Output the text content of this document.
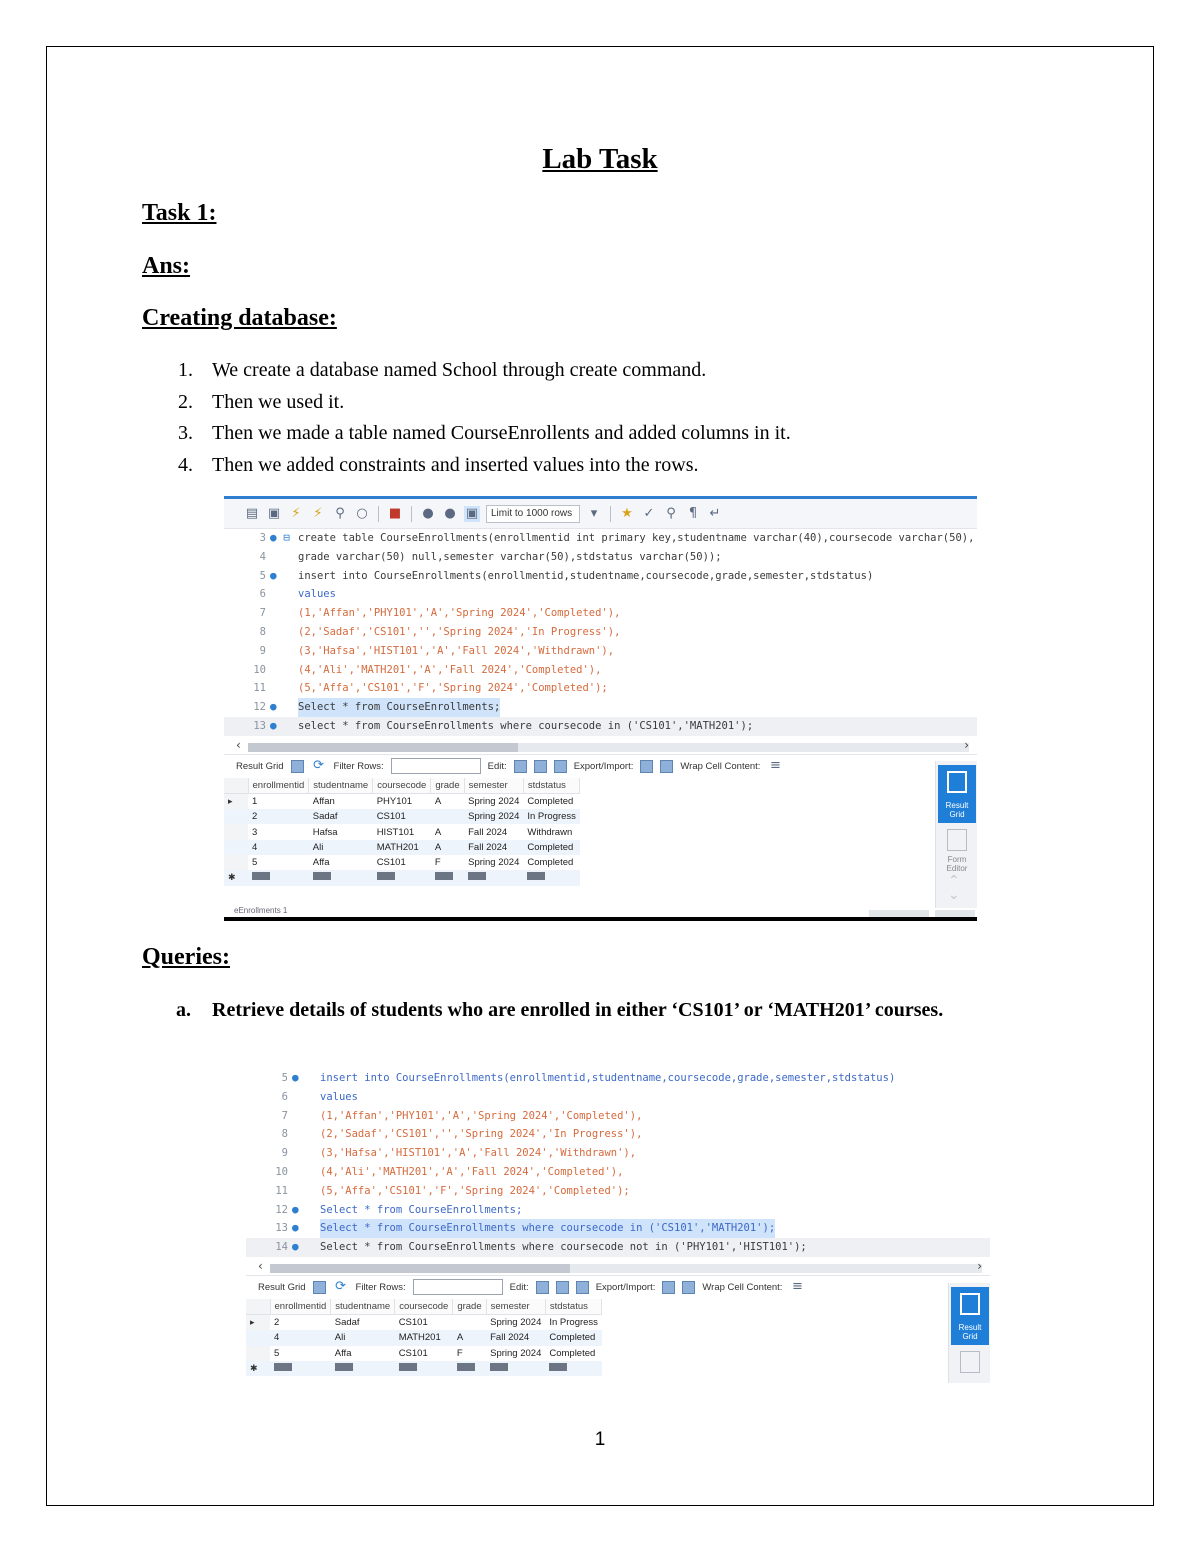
Lab Task
Task 1:
Ans:
Creating database:
1. We create a database named School through create command.
2. Then we used it.
3. Then we made a table named CourseEnrollents and added columns in it.
4. Then we added constraints and inserted values into the rows.
▤ ▣ ⚡ ⚡ ⚲ ○ ■ ● ● ▣	Limit to 1000 rows	▾	★ ✓ ⚲ ¶ ↵
3 ● ⊟ create table CourseEnrollments(enrollmentid int primary key,studentname varchar(40),coursecode varchar(50),
4	grade varchar(50) null,semester varchar(50),stdstatus varchar(50));
5 ● insert into CourseEnrollments(enrollmentid,studentname,coursecode,grade,semester,stdstatus)
6	values
7	(1,'Affan','PHY101','A','Spring 2024','Completed'),
8	(2,'Sadaf','CS101','','Spring 2024','In Progress'),
9	(3,'Hafsa','HIST101','A','Fall 2024','Withdrawn'),
10	(4,'Ali','MATH201','A','Fall 2024','Completed'),
11	(5,'Affa','CS101','F','Spring 2024','Completed');
12 ● Select * from CourseEnrollments;
13 ● select * from CourseEnrollments where coursecode in ('CS101','MATH201');
‹	›
Result Grid ⟳ Filter Rows:	Edit:	Export/Import:	Wrap Cell Content: ≡
	enrollmentid	studentname	coursecode	grade	semester	stdstatus
▸	1	Affan	PHY101	A	Spring 2024	Completed
	2	Sadaf	CS101		Spring 2024	In Progress
	3	Hafsa	HIST101	A	Fall 2024	Withdrawn
	4	Ali	MATH201	A	Fall 2024	Completed
	5	Affa	CS101	F	Spring 2024	Completed
✱						
Result Grid
Form Editor
⌃
⌄
eEnrollments 1
Queries:
a. Retrieve details of students who are enrolled in either ‘CS101’ or ‘MATH201’ courses.
5 ● insert into CourseEnrollments(enrollmentid,studentname,coursecode,grade,semester,stdstatus)
6	values
7	(1,'Affan','PHY101','A','Spring 2024','Completed'),
8	(2,'Sadaf','CS101','','Spring 2024','In Progress'),
9	(3,'Hafsa','HIST101','A','Fall 2024','Withdrawn'),
10	(4,'Ali','MATH201','A','Fall 2024','Completed'),
11	(5,'Affa','CS101','F','Spring 2024','Completed');
12 ● Select * from CourseEnrollments;
13 ● Select * from CourseEnrollments where coursecode in ('CS101','MATH201');
14 ● Select * from CourseEnrollments where coursecode not in ('PHY101','HIST101');
‹	›
Result Grid ⟳ Filter Rows:	Edit:	Export/Import:	Wrap Cell Content: ≡
	enrollmentid	studentname	coursecode	grade	semester	stdstatus
▸	2	Sadaf	CS101		Spring 2024	In Progress
	4	Ali	MATH201	A	Fall 2024	Completed
	5	Affa	CS101	F	Spring 2024	Completed
✱						
Result Grid
1
